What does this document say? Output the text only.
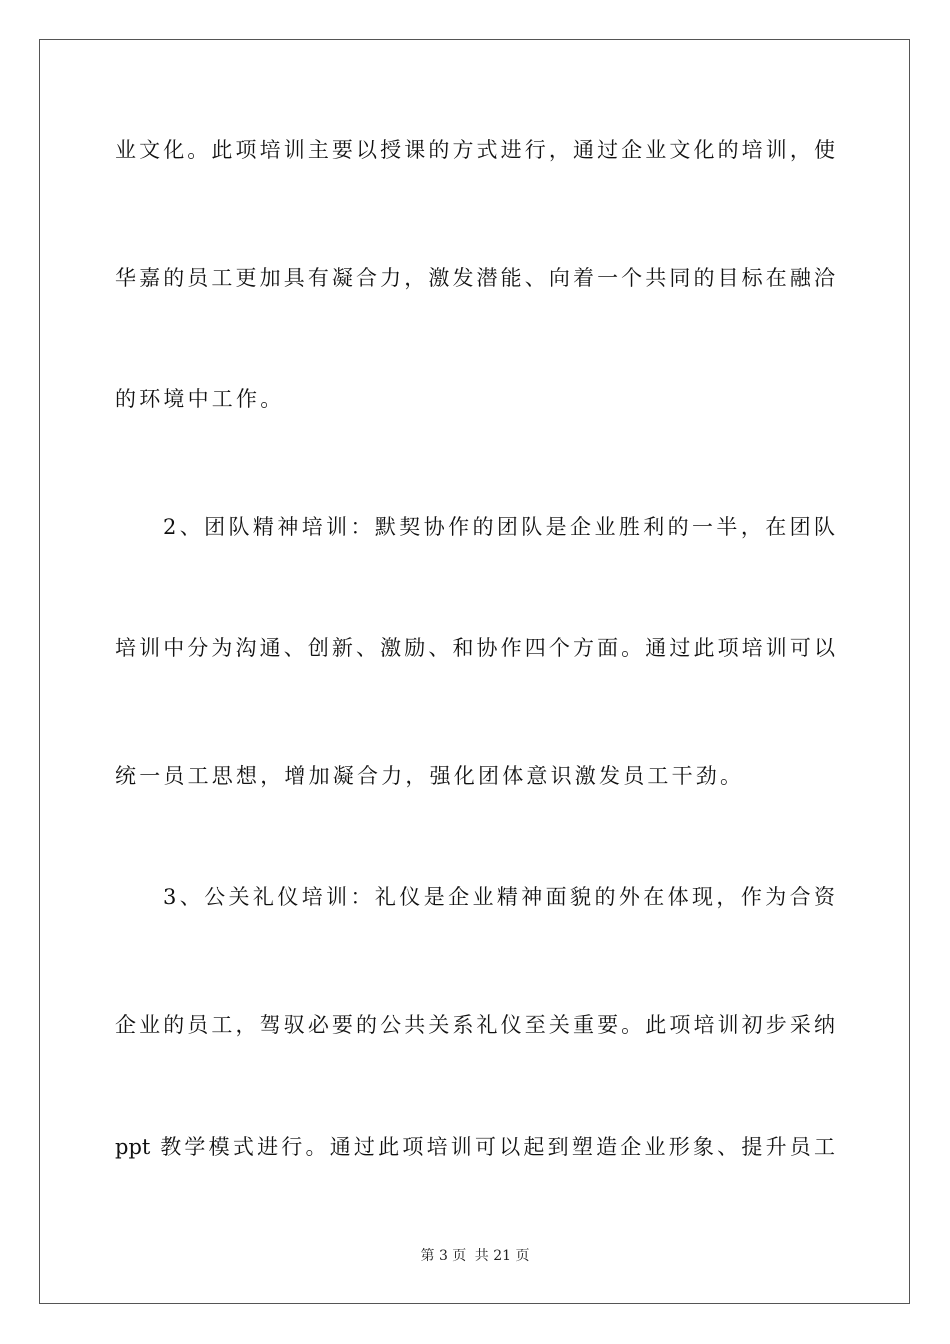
业文化。此项培训主要以授课的方式进行，通过企业文化的培训，使
华嘉的员工更加具有凝合力，激发潜能、向着一个共同的目标在融洽
的环境中工作。
2、团队精神培训：默契协作的团队是企业胜利的一半，在团队
培训中分为沟通、创新、激励、和协作四个方面。通过此项培训可以
统一员工思想，增加凝合力，强化团体意识激发员工干劲。
3、公关礼仪培训：礼仪是企业精神面貌的外在体现，作为合资
企业的员工，驾驭必要的公共关系礼仪至关重要。此项培训初步采纳
ppt 教学模式进行。通过此项培训可以起到塑造企业形象、提升员工
第 3 页 共 21 页
